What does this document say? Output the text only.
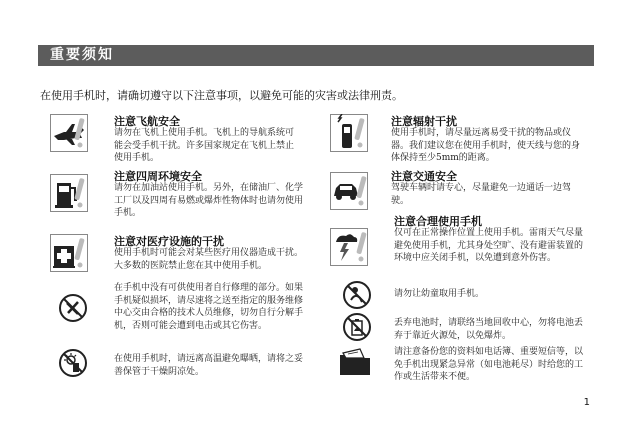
重要须知
在使用手机时，请确切遵守以下注意事项，以避免可能的灾害或法律刑责。
注意飞航安全
请勿在飞机上使用手机。飞机上的导航系统可能会受手机干扰。许多国家规定在飞机上禁止使用手机。
注意四周环境安全
请勿在加油站使用手机。另外，在储油厂、化学工厂以及四周有易燃或爆炸性物体时也请勿使用手机。
注意对医疗设施的干扰
使用手机时可能会对某些医疗用仪器造成干扰。大多数的医院禁止您在其中使用手机。
在手机中没有可供使用者自行修理的部分。如果手机疑似损坏，请尽速将之送至指定的服务维修中心交由合格的技术人员维修，切勿自行分解手机，否则可能会遭到电击或其它伤害。
在使用手机时，请远离高温避免曝晒，请将之妥善保管于干燥阴凉处。
注意辐射干扰
使用手机时，请尽量远离易受干扰的物品或仪器。我们建议您在使用手机时，使天线与您的身体保持至少5mm的距离。
注意交通安全
驾驶车辆时请专心，尽量避免一边通话一边驾驶。
注意合理使用手机
仅可在正常操作位置上使用手机。雷雨天气尽量避免使用手机，尤其身处空旷、没有避雷装置的环境中应关闭手机，以免遭到意外伤害。
请勿让幼童取用手机。
丢弃电池时，请联络当地回收中心，勿将电池丢弃于靠近火源处，以免爆炸。
请注意备份您的资料如电话簿、重要短信等，以免手机出现紧急异常（如电池耗尽）时给您的工作或生活带来不便。
1
